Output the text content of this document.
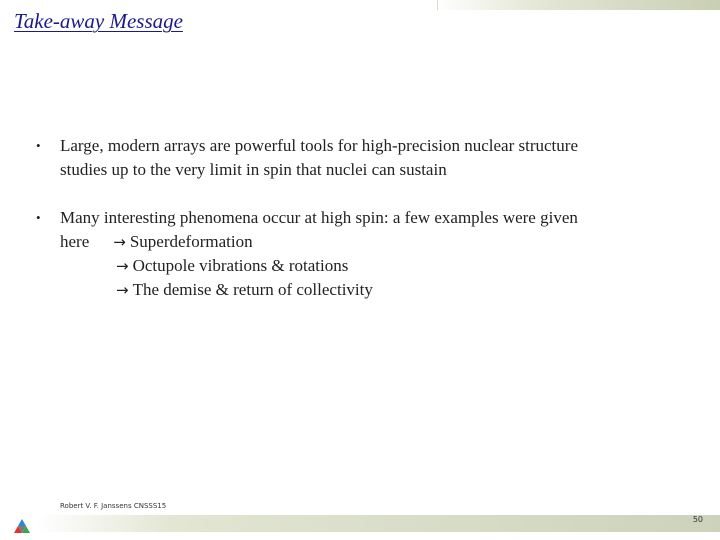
Take-away Message
• Large, modern arrays are powerful tools for high-precision nuclear structure
studies up to the very limit in spin that nuclei can sustain
• Many interesting phenomena occur at high spin: a few examples were given
here → Superdeformation
→ Octupole vibrations & rotations
→ The demise & return of collectivity
Robert V. F. Janssens CNSSS15
50
